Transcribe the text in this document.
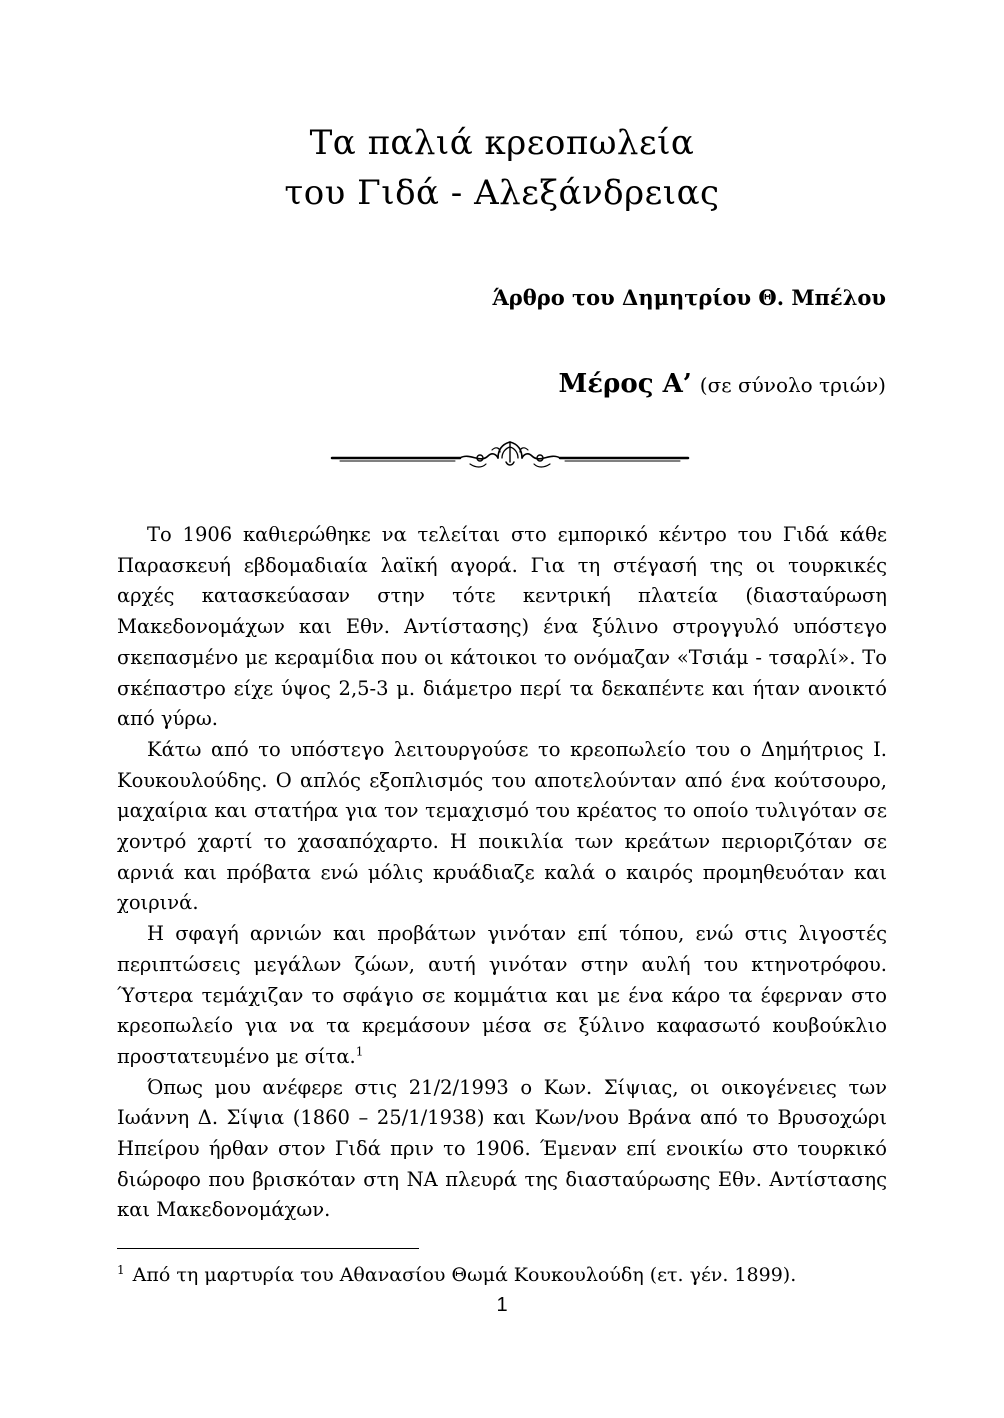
Τα παλιά κρεοπωλεία
του Γιδά - Αλεξάνδρειας
Άρθρο του Δημητρίου Θ. Μπέλου
Μέρος Α’ (σε σύνολο τριών)

Το 1906 καθιερώθηκε να τελείται στο εμπορικό κέντρο του Γιδά κάθε Παρασκευή εβδομαδιαία λαϊκή αγορά. Για τη στέγασή της οι τουρκικές αρχές κατασκεύασαν στην τότε κεντρική πλατεία (διασταύρωση Μακεδονομάχων και Εθν. Αντίστασης) ένα ξύλινο στρογγυλό υπόστεγο σκεπασμένο με κεραμίδια που οι κάτοικοι το ονόμαζαν «Τσιάμ - τσαρλί». Το σκέπαστρο είχε ύψος 2,5-3 μ. διάμετρο περί τα δεκαπέντε και ήταν ανοικτό από γύρω.

Κάτω από το υπόστεγο λειτουργούσε το κρεοπωλείο του ο Δημήτριος Ι. Κουκουλούδης. Ο απλός εξοπλισμός του αποτελούνταν από ένα κούτσουρο, μαχαίρια και στατήρα για τον τεμαχισμό του κρέατος το οποίο τυλιγόταν σε χοντρό χαρτί το χασαπόχαρτο. Η ποικιλία των κρεάτων περιοριζόταν σε αρνιά και πρόβατα ενώ μόλις κρυάδιαζε καλά ο καιρός προμηθευόταν και χοιρινά.

Η σφαγή αρνιών και προβάτων γινόταν επί τόπου, ενώ στις λιγοστές περιπτώσεις μεγάλων ζώων, αυτή γινόταν στην αυλή του κτηνοτρόφου. Ύστερα τεμάχιζαν το σφάγιο σε κομμάτια και με ένα κάρο τα έφερναν στο κρεοπωλείο για να τα κρεμάσουν μέσα σε ξύλινο καφασωτό κουβούκλιο προστατευμένο με σίτα.$^1$

Όπως μου ανέφερε στις 21/2/1993 ο Κων. Σίψιας, οι οικογένειες των Ιωάννη Δ. Σίψια (1860 – 25/1/1938) και Κων/νου Βράνα από το Βρυσοχώρι Ηπείρου ήρθαν στον Γιδά πριν το 1906. Έμεναν επί ενοικίω στο τουρκικό διώροφο που βρισκόταν στη ΝΑ πλευρά της διασταύρωσης Εθν. Αντίστασης και Μακεδονομάχων.

$^1$ Από τη μαρτυρία του Αθανασίου Θωμά Κουκουλούδη (ετ. γέν. 1899).
1
